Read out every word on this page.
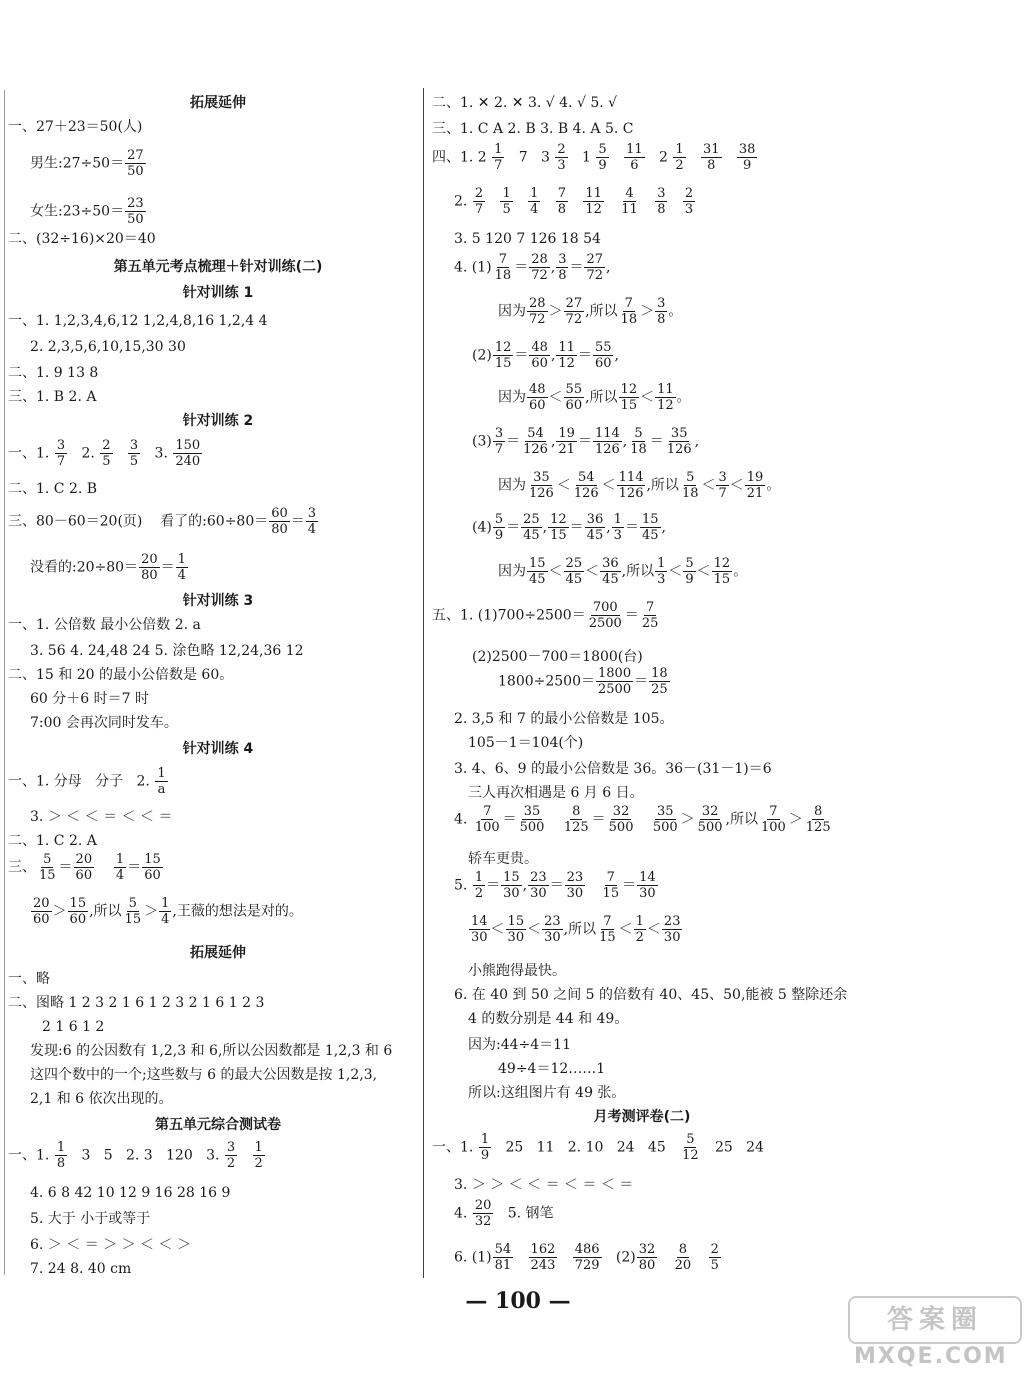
拓展延伸
一、27＋23＝50(人)
男生:27÷50＝ $\frac{27}{50}$
女生:23÷50＝ $\frac{23}{50}$
二、(32÷16)×20＝40
第五单元考点梳理＋针对训练(二)
针对训练 1
一、1. 1,2,3,4,6,12 1,2,4,8,16 1,2,4 4
2. 2,3,5,6,10,15,30 30
二、1. 9 13 8
三、1. B 2. A
针对训练 2
一、1. $\frac{3}{7} 2$. $\frac{2}{5}$
$\frac{3}{5} 3$. $\frac{150}{240}$
二、1. C 2. B
三、80－60＝20(页)    看了的:60÷80＝ $\frac{60}{80} = \frac{3}{4}$
没看的:20÷80＝ $\frac{20}{80} = \frac{1}{4}$
针对训练 3
一、1. 公倍数 最小公倍数 2. a
3. 56 4. 24,48 24 5. 涂色略 12,24,36 12
二、15 和 20 的最小公倍数是 60。
60 分＋6 时＝7 时
7:00 会再次同时发车。
针对训练 4
一、1. 分母   分子   2. $\frac{1}{a}$
3. ＞ ＜ ＜ ＝ ＜ ＜ ＝
二、1. C 2. A
三、 $\frac{5}{15} = \frac{20}{60}$
$\frac{1}{4} = \frac{15}{60}$
$\frac{20}{60} > \frac{15}{60}$ ,所以 $\frac{5}{15} > \frac{1}{4}$ ,王薇的想法是对的。
拓展延伸
一、略
二、图略 1 2 3 2 1 6 1 2 3 2 1 6 1 2 3
2 1 6 1 2
发现:6 的公因数有 1,2,3 和 6,所以公因数都是 1,2,3 和 6
这四个数中的一个;这些数与 6 的最大公因数是按 1,2,3,
2,1 和 6 依次出现的。
第五单元综合测试卷
一、1. $\frac{1}{8} 3$   5   2. 3   120   3. $\frac{3}{2}$
$\frac{1}{2}$
4. 6 8 42 10 12 9 16 28 16 9
5. 大于 小于或等于
6. ＞ ＜ ＝ ＞ ＞ ＜ ＜ ＞
7. 24 8. 40 cm
二、1. ✕ 2. ✕ 3. √ 4. √ 5. √
三、1. C A 2. B 3. B 4. A 5. C
四、1. $2 \frac{1}{7} 7$   $3 \frac{2}{3} 1 \frac{5}{9}$
$\frac{11}{6} 2 \frac{1}{2}$
$\frac{31}{8}$
$\frac{38}{9}$
2. $\frac{2}{7}$
$\frac{1}{5}$
$\frac{1}{4}$
$\frac{7}{8}$
$\frac{11}{12}$
$\frac{4}{11}$
$\frac{3}{8}$
$\frac{2}{3}$
3. 5 120 7 126 18 54
4. $(1) \frac{7}{18} = \frac{28}{72}$ , $\frac{3}{8} = \frac{27}{72}$ ,
因为 $\frac{28}{72} > \frac{27}{72}$ ,所以 $\frac{7}{18} > \frac{3}{8}$ 。
$(2) \frac{12}{15} = \frac{48}{60}$ , $\frac{11}{12} = \frac{55}{60}$ ,
因为 $\frac{48}{60} < \frac{55}{60}$ ,所以 $\frac{12}{15} < \frac{11}{12}$ 。
$(3) \frac{3}{7} = \frac{54}{126}$ , $\frac{19}{21} = \frac{114}{126}$ , $\frac{5}{18} = \frac{35}{126}$ ,
因为 $\frac{35}{126} < \frac{54}{126} < \frac{114}{126}$ ,所以 $\frac{5}{18} < \frac{3}{7} < \frac{19}{21}$ 。
$(4) \frac{5}{9} = \frac{25}{45}$ , $\frac{12}{15} = \frac{36}{45}$ , $\frac{1}{3} = \frac{15}{45}$ ,
因为 $\frac{15}{45} < \frac{25}{45} < \frac{36}{45}$ ,所以 $\frac{1}{3} < \frac{5}{9} < \frac{12}{15}$ 。
五、1. $(1)700\div 2500= \frac{700}{2500} = \frac{7}{25}$
(2)2500－700＝1800(台)
$1800\div 2500= \frac{1800}{2500} = \frac{18}{25}$
2. 3,5 和 7 的最小公倍数是 105。
105－1＝104(个)
3. 4、6、9 的最小公倍数是 36。36－(31－1)＝6
三人再次相遇是 6 月 6 日。
4. $\frac{7}{100} = \frac{35}{500}$
$\frac{8}{125} = \frac{32}{500}$
$\frac{35}{500} > \frac{32}{500}$ ,所以 $\frac{7}{100} > \frac{8}{125}$
轿车更贵。
5. $\frac{1}{2} = \frac{15}{30}$ , $\frac{23}{30} = \frac{23}{30}$
$\frac{7}{15} = \frac{14}{30}$
$\frac{14}{30} < \frac{15}{30} < \frac{23}{30}$ ,所以 $\frac{7}{15} < \frac{1}{2} < \frac{23}{30}$
小熊跑得最快。
6. 在 40 到 50 之间 5 的倍数有 40、45、50,能被 5 整除还余
4 的数分别是 44 和 49。
因为:44÷4＝11
49÷4＝12……1
所以:这组图片有 49 张。
月考测评卷(二)
一、1. $\frac{1}{9} 25$   11   2. 10   24   $45 \frac{5}{12} 25$   24
3. ＞ ＞ ＜ ＜ ＝ ＜ ＝ ＜ ＝
4. $\frac{20}{32} 5$. 钢笔
6. $(1) \frac{54}{81}$
$\frac{162}{243}$
$\frac{486}{729} (2) \frac{32}{80}$
$\frac{8}{20}$
$\frac{2}{5}$
— 100 —
答案圈
MXQE.COM
